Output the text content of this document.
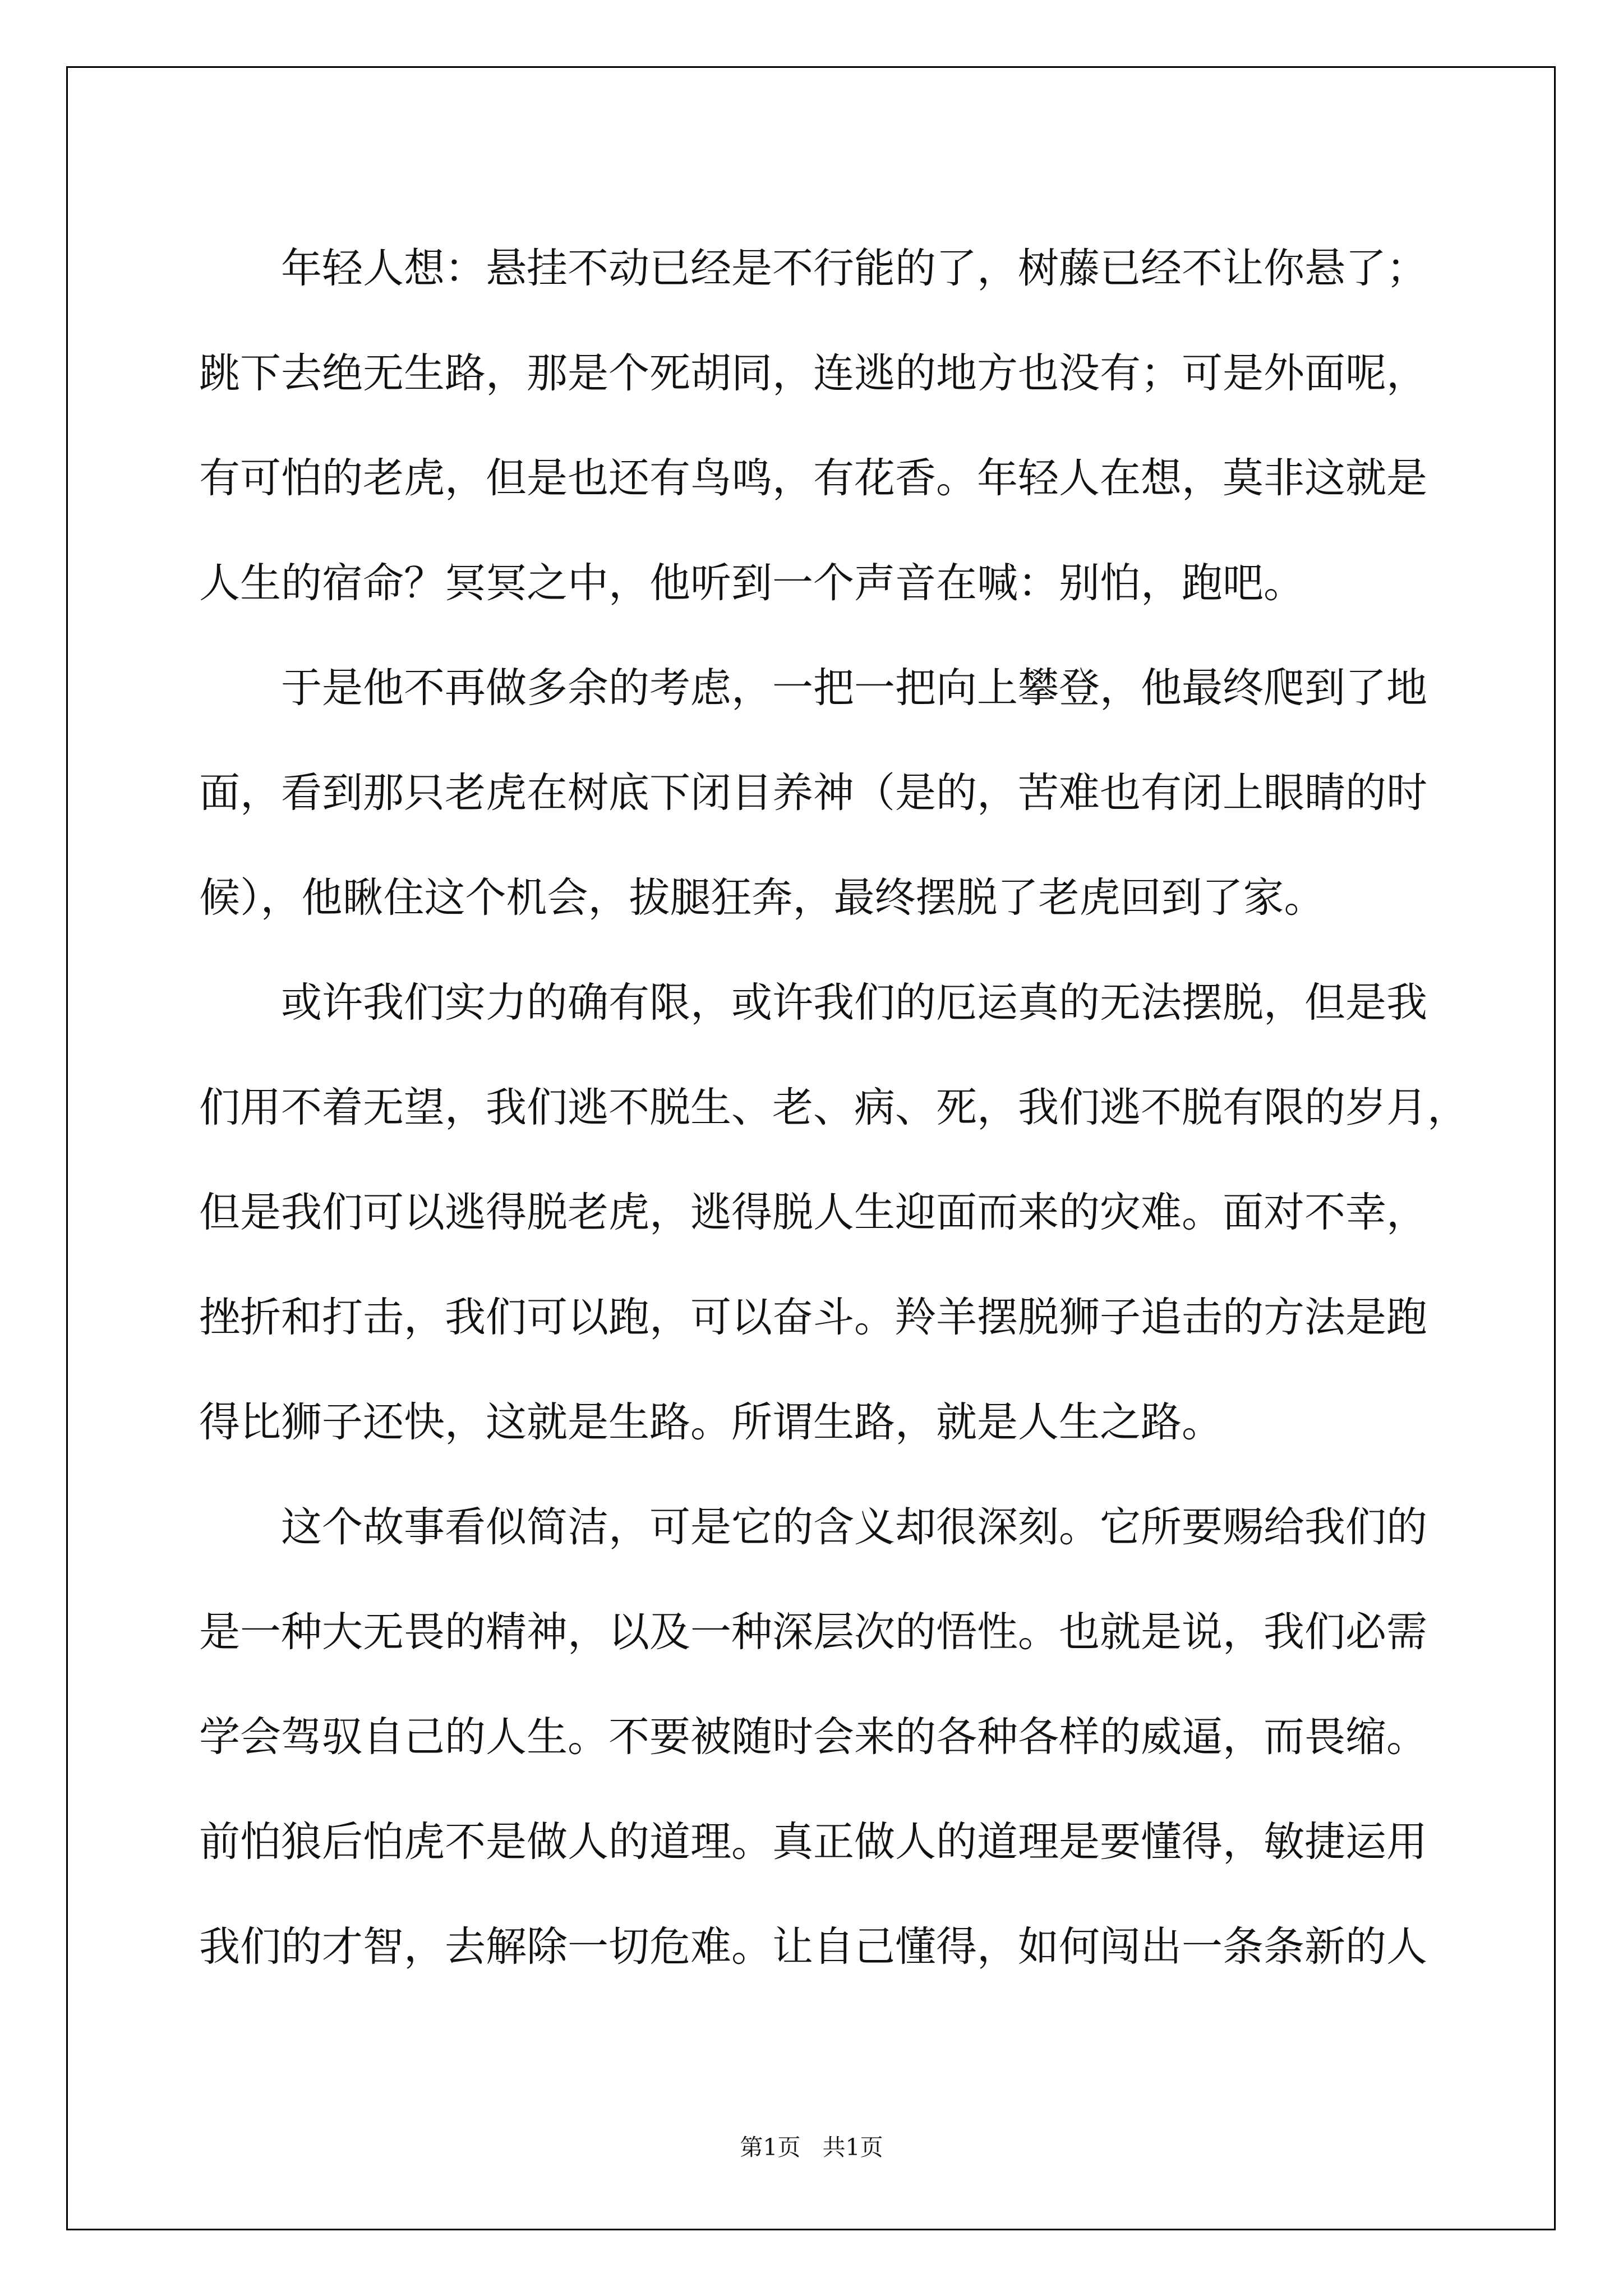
年轻人想：悬挂不动已经是不行能的了，树藤已经不让你悬了；
跳下去绝无生路，那是个死胡同，连逃的地方也没有；可是外面呢，
有可怕的老虎，但是也还有鸟鸣，有花香。年轻人在想，莫非这就是
人生的宿命？冥冥之中，他听到一个声音在喊：别怕，跑吧。
于是他不再做多余的考虑，一把一把向上攀登，他最终爬到了地
面，看到那只老虎在树底下闭目养神（是的，苦难也有闭上眼睛的时
候），他瞅住这个机会，拔腿狂奔，最终摆脱了老虎回到了家。
或许我们实力的确有限，或许我们的厄运真的无法摆脱，但是我
们用不着无望，我们逃不脱生、老、病、死，我们逃不脱有限的岁月，
但是我们可以逃得脱老虎，逃得脱人生迎面而来的灾难。面对不幸，
挫折和打击，我们可以跑，可以奋斗。羚羊摆脱狮子追击的方法是跑
得比狮子还快，这就是生路。所谓生路，就是人生之路。
这个故事看似简洁，可是它的含义却很深刻。它所要赐给我们的
是一种大无畏的精神，以及一种深层次的悟性。也就是说，我们必需
学会驾驭自己的人生。不要被随时会来的各种各样的威逼，而畏缩。
前怕狼后怕虎不是做人的道理。真正做人的道理是要懂得，敏捷运用
我们的才智，去解除一切危难。让自己懂得，如何闯出一条条新的人
第1页   共1页
